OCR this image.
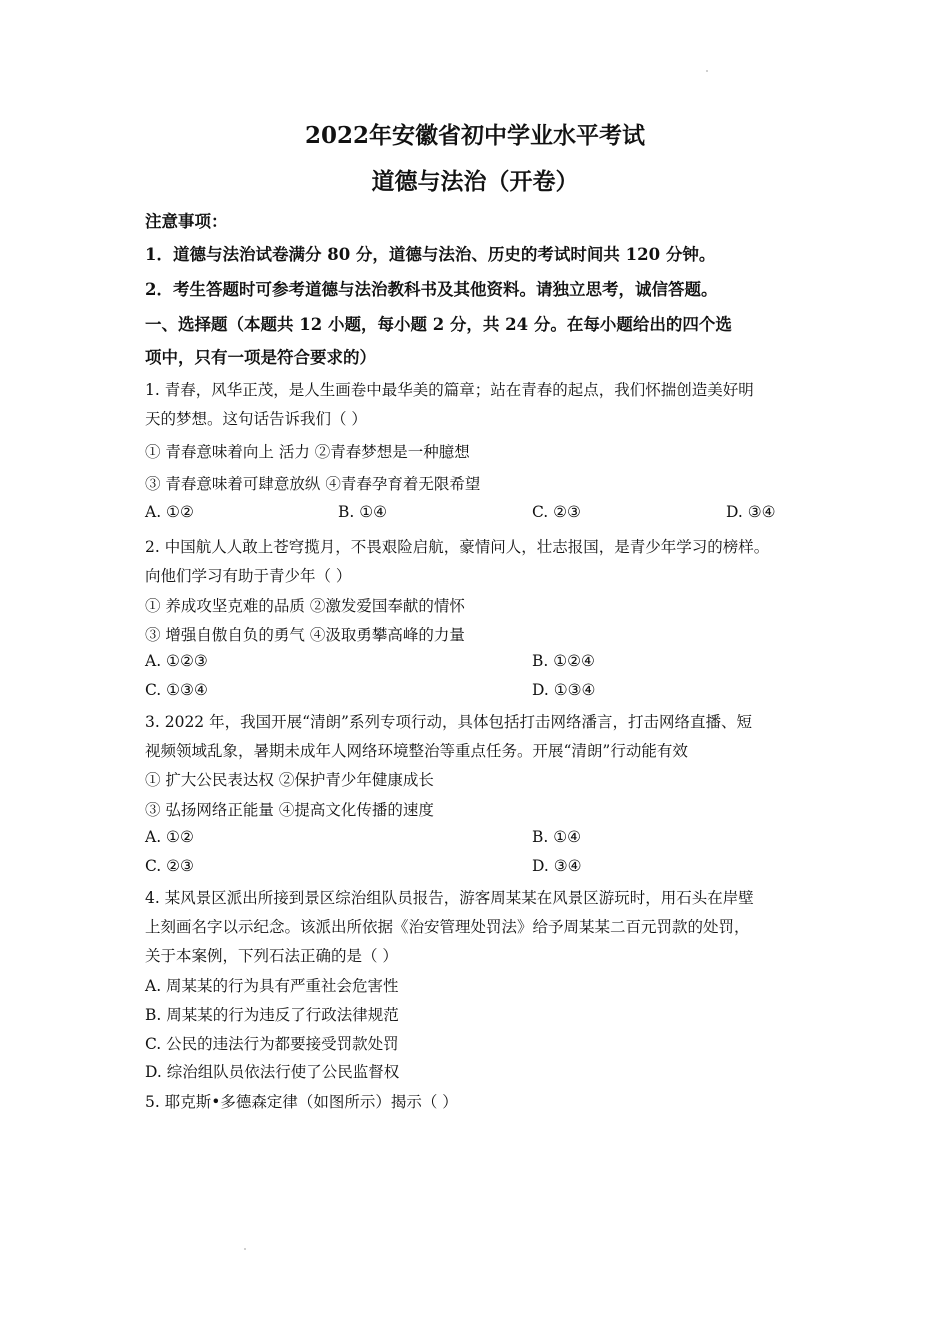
2022年安徽省初中学业水平考试
道德与法治（开卷）
注意事项：
1．道德与法治试卷满分 80 分，道德与法治、历史的考试时间共 120 分钟。
2．考生答题时可参考道德与法治教科书及其他资料。请独立思考，诚信答题。
一、选择题（本题共 12 小题，每小题 2 分，共 24 分。在每小题给出的四个选
项中，只有一项是符合要求的）
1. 青春，风华正茂，是人生画卷中最华美的篇章；站在青春的起点，我们怀揣创造美好明
天的梦想。这句话告诉我们（ ）
① 青春意味着向上 活力 ②青春梦想是一种臆想
③ 青春意味着可肆意放纵 ④青春孕育着无限希望
A. ①②	B. ①④	C. ②③	D. ③④
2. 中国航人人敢上苍穹揽月，不畏艰险启航，豪情问人，壮志报国，是青少年学习的榜样。
向他们学习有助于青少年（ ）
① 养成攻坚克难的品质 ②激发爱国奉献的情怀
③ 增强自傲自负的勇气 ④汲取勇攀高峰的力量
A. ①②③	B. ①②④
C. ①③④	D. ①③④
3. 2022 年，我国开展“清朗”系列专项行动，具体包括打击网络潘言，打击网络直播、短
视频领域乱象，暑期未成年人网络环境整治等重点任务。开展“清朗”行动能有效
① 扩大公民表达权 ②保护青少年健康成长
③ 弘扬网络正能量 ④提高文化传播的速度
A. ①②	B. ①④
C. ②③	D. ③④
4. 某风景区派出所接到景区综治组队员报告，游客周某某在风景区游玩时，用石头在岸壁
上刻画名字以示纪念。该派出所依据《治安管理处罚法》给予周某某二百元罚款的处罚，
关于本案例，下列石法正确的是（ ）
A. 周某某的行为具有严重社会危害性
B. 周某某的行为违反了行政法律规范
C. 公民的违法行为都要接受罚款处罚
D. 综治组队员依法行使了公民监督权
5. 耶克斯•多德森定律（如图所示）揭示（ ）
